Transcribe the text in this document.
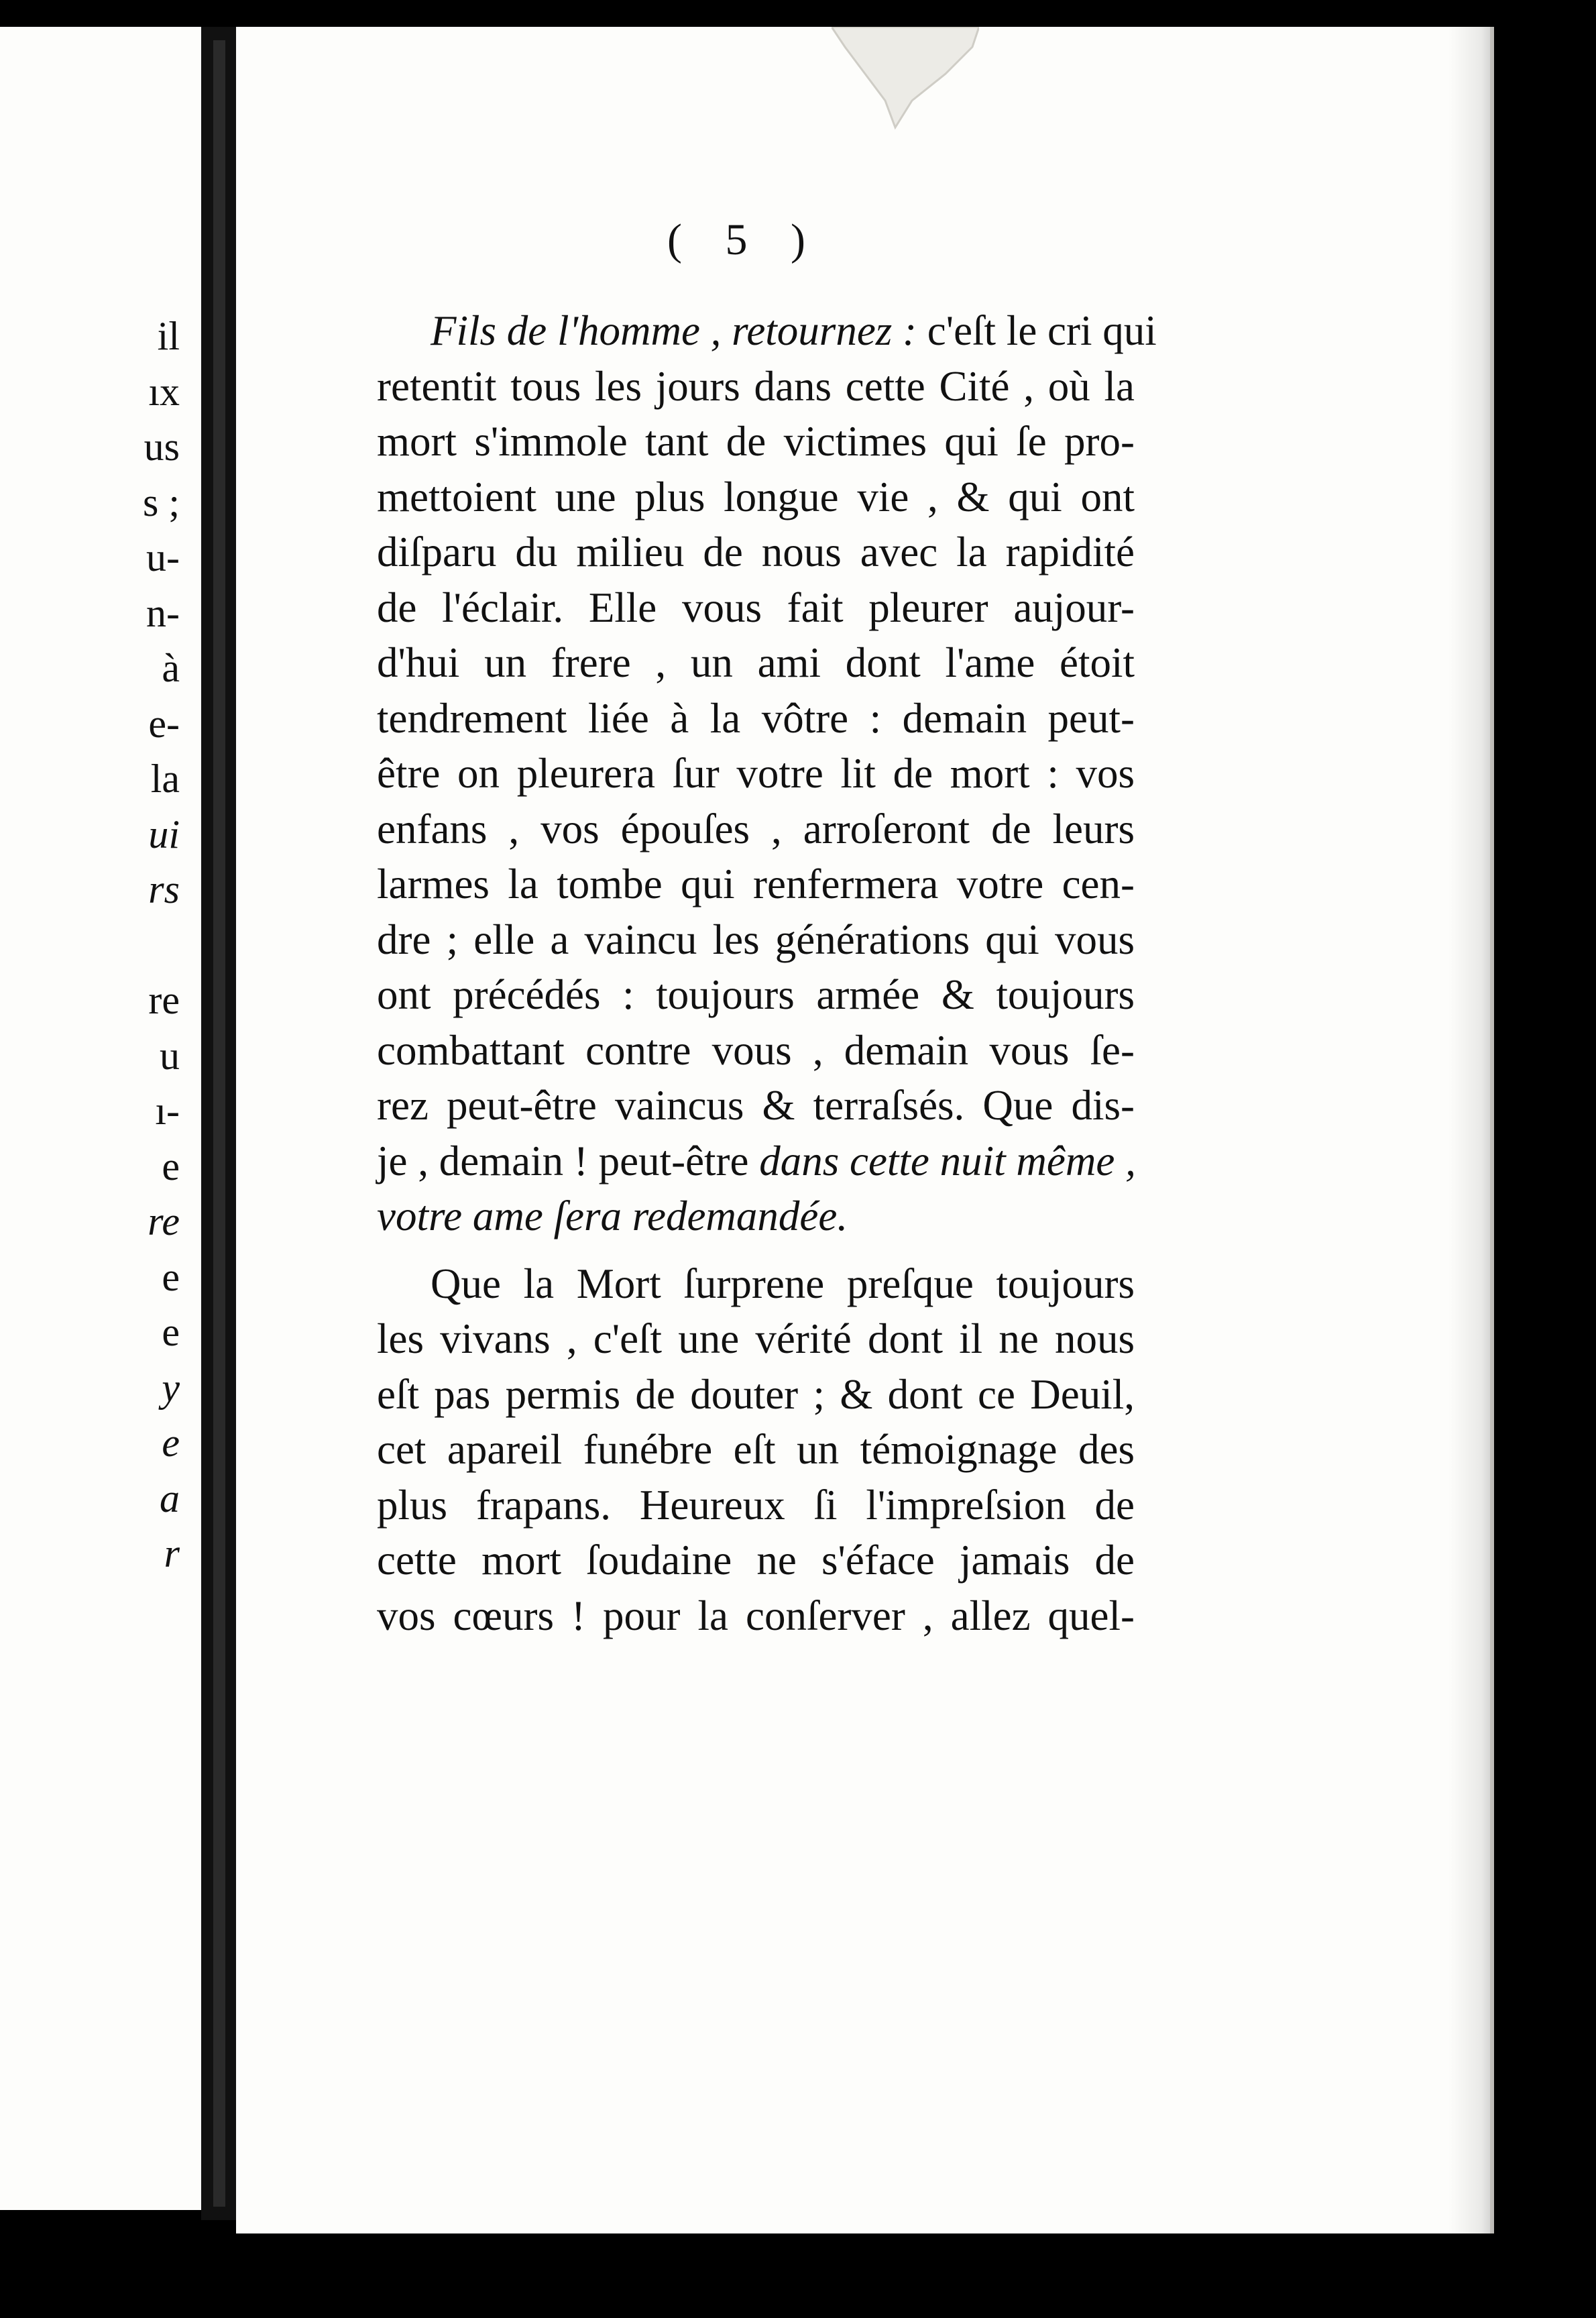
il
ıx
us
s ;
u-
n-
à
e-
la
ui
rs

re
u
ı-
e
re
e
e
y
e
a
r
( 5 )
Fils de l'homme , retournez : c'eſt le cri qui
retentit tous les jours dans cette Cité , où la
mort s'immole tant de victimes qui ſe pro-
mettoient une plus longue vie , & qui ont
diſparu du milieu de nous avec la rapidité
de l'éclair. Elle vous fait pleurer aujour-
d'hui un frere , un ami dont l'ame étoit
tendrement liée à la vôtre : demain peut-
être on pleurera ſur votre lit de mort : vos
enfans , vos épouſes , arroſeront de leurs
larmes la tombe qui renfermera votre cen-
dre ; elle a vaincu les générations qui vous
ont précédés : toujours armée & toujours
combattant contre vous , demain vous ſe-
rez peut-être vaincus & terraſsés. Que dis-
je , demain ! peut-être dans cette nuit même ,
votre ame ſera redemandée.
Que la Mort ſurprene preſque toujours
les vivans , c'eſt une vérité dont il ne nous
eſt pas permis de douter ; & dont ce Deuil,
cet apareil funébre eſt un témoignage des
plus frapans. Heureux ſi l'impreſsion de
cette mort ſoudaine ne s'éface jamais de
vos cœurs ! pour la conſerver , allez quel-
